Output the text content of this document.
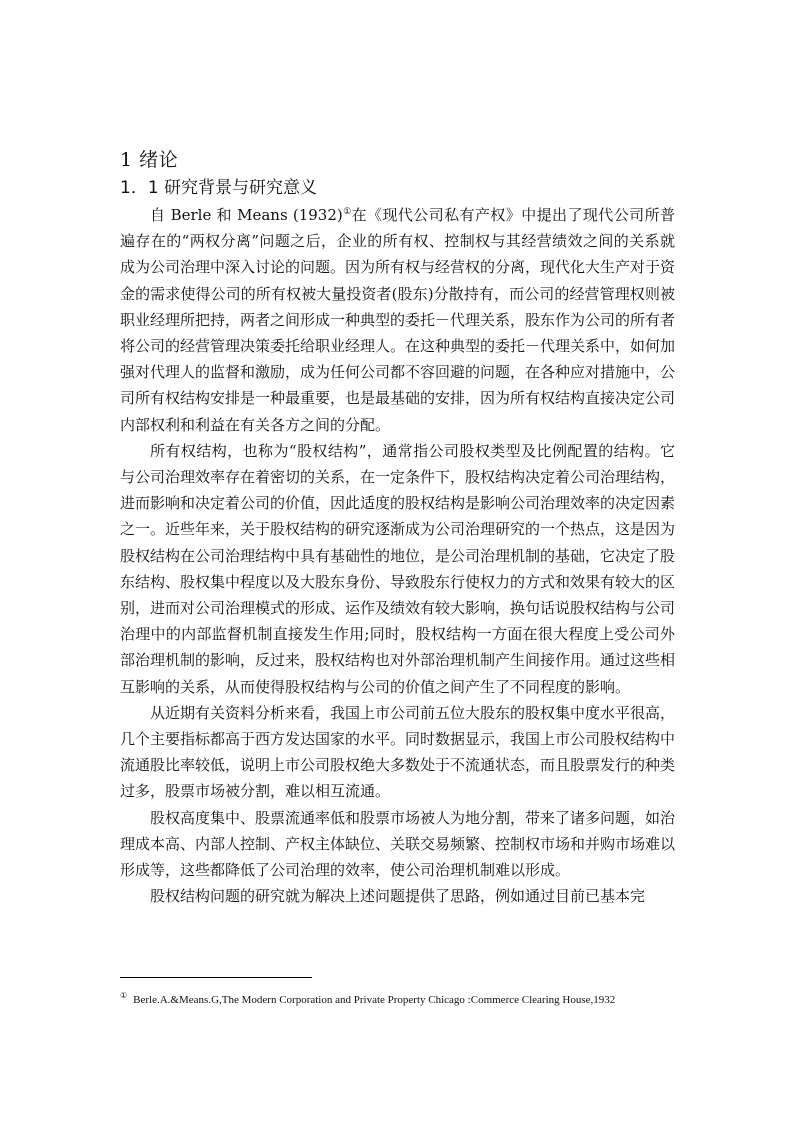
1 绪论
1．1 研究背景与研究意义

自 Berle 和 Means (1932)①在《现代公司私有产权》中提出了现代公司所普遍存在的“两权分离”问题之后，企业的所有权、控制权与其经营绩效之间的关系就成为公司治理中深入讨论的问题。因为所有权与经营权的分离，现代化大生产对于资金的需求使得公司的所有权被大量投资者(股东)分散持有，而公司的经营管理权则被职业经理所把持，两者之间形成一种典型的委托－代理关系，股东作为公司的所有者将公司的经营管理决策委托给职业经理人。在这种典型的委托－代理关系中，如何加强对代理人的监督和激励，成为任何公司都不容回避的问题，在各种应对措施中，公司所有权结构安排是一种最重要，也是最基础的安排，因为所有权结构直接决定公司内部权利和利益在有关各方之间的分配。

所有权结构，也称为“股权结构”，通常指公司股权类型及比例配置的结构。它与公司治理效率存在着密切的关系，在一定条件下，股权结构决定着公司治理结构，进而影响和决定着公司的价值，因此适度的股权结构是影响公司治理效率的决定因素之一。近些年来，关于股权结构的研究逐渐成为公司治理研究的一个热点，这是因为股权结构在公司治理结构中具有基础性的地位，是公司治理机制的基础，它决定了股东结构、股权集中程度以及大股东身份、导致股东行使权力的方式和效果有较大的区别，进而对公司治理模式的形成、运作及绩效有较大影响，换句话说股权结构与公司治理中的内部监督机制直接发生作用;同时，股权结构一方面在很大程度上受公司外部治理机制的影响，反过来，股权结构也对外部治理机制产生间接作用。通过这些相互影响的关系，从而使得股权结构与公司的价值之间产生了不同程度的影响。

从近期有关资料分析来看，我国上市公司前五位大股东的股权集中度水平很高，几个主要指标都高于西方发达国家的水平。同时数据显示，我国上市公司股权结构中流通股比率较低，说明上市公司股权绝大多数处于不流通状态，而且股票发行的种类过多，股票市场被分割，难以相互流通。

股权高度集中、股票流通率低和股票市场被人为地分割，带来了诸多问题，如治理成本高、内部人控制、产权主体缺位、关联交易频繁、控制权市场和并购市场难以形成等，这些都降低了公司治理的效率，使公司治理机制难以形成。

股权结构问题的研究就为解决上述问题提供了思路，例如通过目前已基本完

① Berle.A.&Means.G,The Modern Corporation and Private Property Chicago :Commerce Clearing House,1932
